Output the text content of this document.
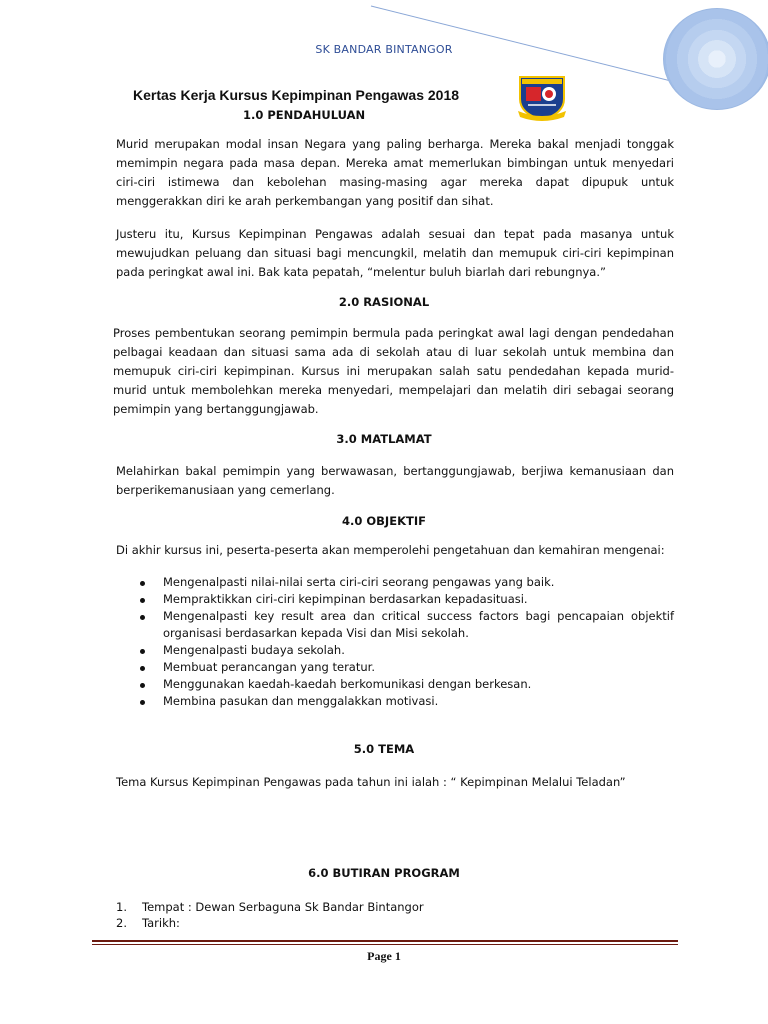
SK BANDAR BINTANGOR
Kertas Kerja Kursus Kepimpinan Pengawas 2018
1.0 PENDAHULUAN

Murid merupakan modal insan Negara yang paling berharga. Mereka bakal menjadi tonggak memimpin negara pada masa depan. Mereka amat memerlukan bimbingan untuk menyedari ciri-ciri istimewa dan kebolehan masing-masing agar mereka dapat dipupuk untuk menggerakkan diri ke arah perkembangan yang positif dan sihat.

Justeru itu, Kursus Kepimpinan Pengawas adalah sesuai dan tepat pada masanya untuk mewujudkan peluang dan situasi bagi mencungkil, melatih dan memupuk ciri-ciri kepimpinan pada peringkat awal ini. Bak kata pepatah, “melentur buluh biarlah dari rebungnya.”

2.0 RASIONAL

Proses pembentukan seorang pemimpin bermula pada peringkat awal lagi dengan pendedahan pelbagai keadaan dan situasi sama ada di sekolah atau di luar sekolah untuk membina dan memupuk ciri-ciri kepimpinan. Kursus ini merupakan salah satu pendedahan kepada murid-murid untuk membolehkan mereka menyedari, mempelajari dan melatih diri sebagai seorang pemimpin yang bertanggungjawab.

3.0 MATLAMAT

Melahirkan bakal pemimpin yang berwawasan, bertanggungjawab, berjiwa kemanusiaan dan berperikemanusiaan yang cemerlang.

4.0 OBJEKTIF

Di akhir kursus ini, peserta-peserta akan memperolehi pengetahuan dan kemahiran mengenai:

Mengenalpasti nilai-nilai serta ciri-ciri seorang pengawas yang baik.
Mempraktikkan ciri-ciri kepimpinan berdasarkan kepadasituasi.
Mengenalpasti key result area dan critical success factors bagi pencapaian objektif organisasi berdasarkan kepada Visi dan Misi sekolah.
Mengenalpasti budaya sekolah.
Membuat perancangan yang teratur.
Menggunakan kaedah-kaedah berkomunikasi dengan berkesan.
Membina pasukan dan menggalakkan motivasi.
5.0 TEMA

Tema Kursus Kepimpinan Pengawas pada tahun ini ialah : “ Kepimpinan Melalui Teladan”

6.0 BUTIRAN PROGRAM
1. Tempat : Dewan Serbaguna Sk Bandar Bintangor
2. Tarikh:
Page 1
